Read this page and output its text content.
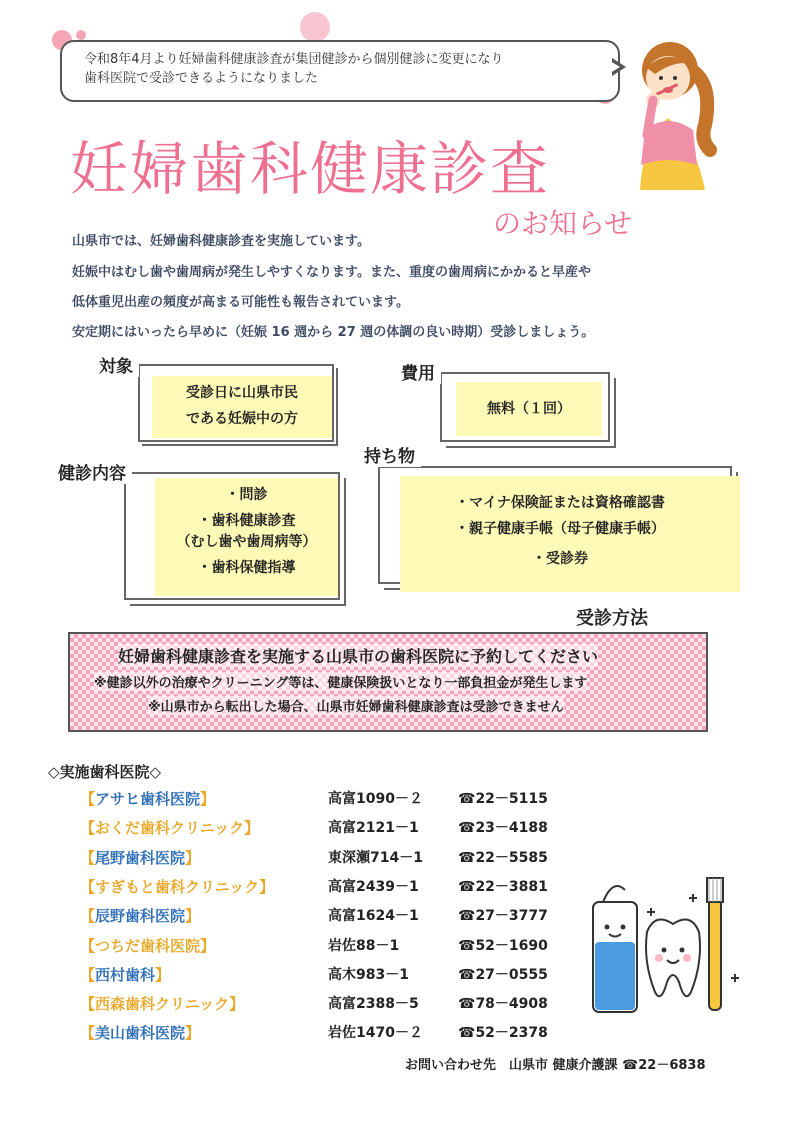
令和8年4月より妊婦歯科健康診査が集団健診から個別健診に変更になり
歯科医院で受診できるようになりました
妊婦歯科健康診査
のお知らせ

山県市では、妊婦歯科健康診査を実施しています。

妊娠中はむし歯や歯周病が発生しやすくなります。また、重度の歯周病にかかると早産や

低体重児出産の頻度が高まる可能性も報告されています。

安定期にはいったら早めに（妊娠 16 週から 27 週の体調の良い時期）受診しましょう。

対象
受診日に山県市民
である妊娠中の方
費用
無料（１回）
健診内容
・問診
・歯科健康診査
（むし歯や歯周病等）
・歯科保健指導
持ち物
・マイナ保険証または資格確認書
・親子健康手帳（母子健康手帳）
・受診券
妊婦歯科健康診査を実施する山県市の歯科医院に予約してください
※健診以外の治療やクリーニング等は、健康保険扱いとなり一部負担金が発生します
※山県市から転出した場合、山県市妊婦歯科健康診査は受診できません
受診方法
◇実施歯科医院◇
【アサヒ歯科医院】	高富1090－２	☎22－5115
【おくだ歯科クリニック】	高富2121－1	☎23－4188
【尾野歯科医院】	東深瀬714－1	☎22－5585
【すぎもと歯科クリニック】	高富2439－1	☎22－3881
【辰野歯科医院】	高富1624－1	☎27－3777
【つちだ歯科医院】	岩佐88－1	☎52－1690
【西村歯科】	高木983－1	☎27－0555
【西森歯科クリニック】	高富2388－5	☎78－4908
【美山歯科医院】	岩佐1470－２	☎52－2378
お問い合わせ先　山県市 健康介護課 ☎22－6838
